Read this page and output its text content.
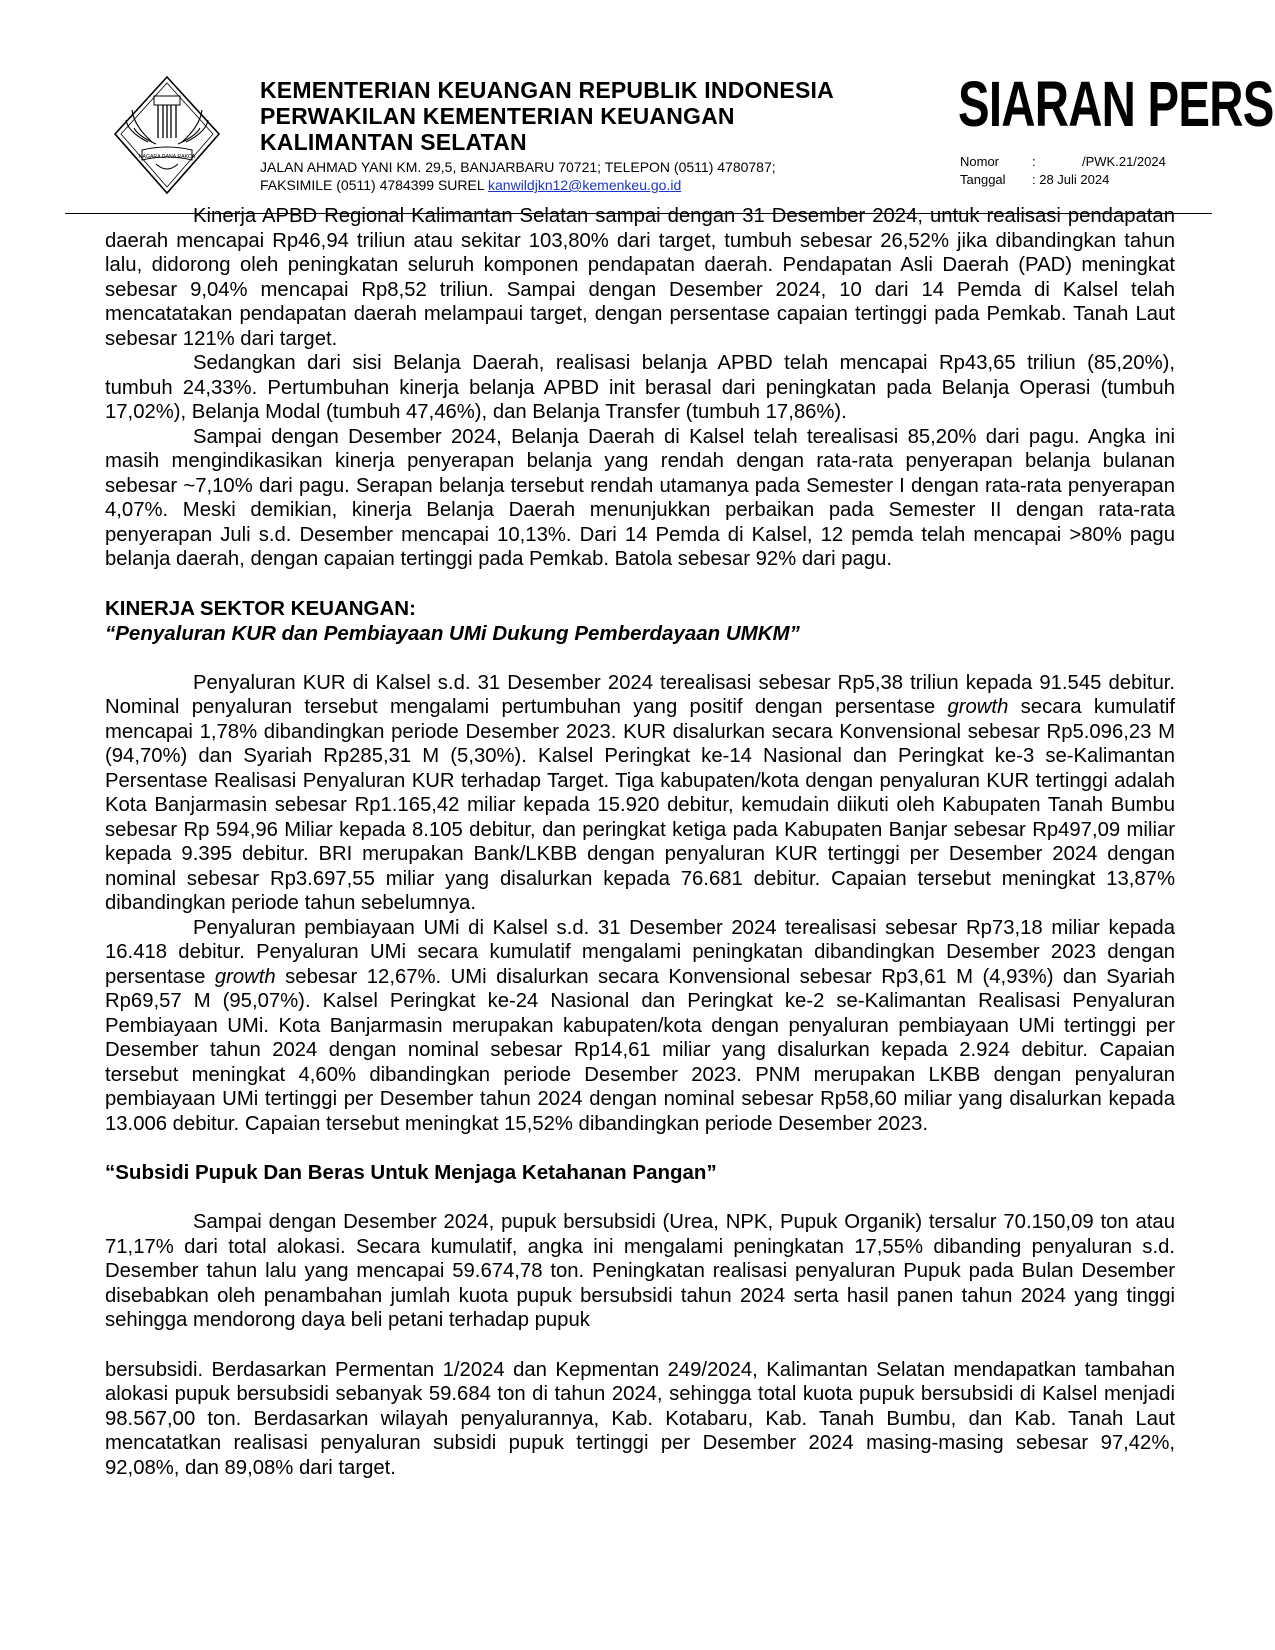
NAGARA DANA RAKCA
KEMENTERIAN KEUANGAN REPUBLIK INDONESIA
PERWAKILAN KEMENTERIAN KEUANGAN
KALIMANTAN SELATAN
JALAN AHMAD YANI KM. 29,5, BANJARBARU 70721; TELEPON (0511) 4780787;
FAKSIMILE (0511) 4784399 SUREL kanwildjkn12@kemenkeu.go.id
SIARAN PERS
Nomor	:	/PWK.21/2024
Tanggal	: 28 Juli 2024

Kinerja APBD Regional Kalimantan Selatan sampai dengan 31 Desember 2024, untuk realisasi pendapatan daerah mencapai Rp46,94 triliun atau sekitar 103,80% dari target, tumbuh sebesar 26,52% jika dibandingkan tahun lalu, didorong oleh peningkatan seluruh komponen pendapatan daerah. Pendapatan Asli Daerah (PAD) meningkat sebesar 9,04% mencapai Rp8,52 triliun. Sampai dengan Desember 2024, 10 dari 14 Pemda di Kalsel telah mencatatakan pendapatan daerah melampaui target, dengan persentase capaian tertinggi pada Pemkab. Tanah Laut sebesar 121% dari target.

Sedangkan dari sisi Belanja Daerah, realisasi belanja APBD telah mencapai Rp43,65 triliun (85,20%), tumbuh 24,33%. Pertumbuhan kinerja belanja APBD init berasal dari peningkatan pada Belanja Operasi (tumbuh 17,02%), Belanja Modal (tumbuh 47,46%), dan Belanja Transfer (tumbuh 17,86%).

Sampai dengan Desember 2024, Belanja Daerah di Kalsel telah terealisasi 85,20% dari pagu. Angka ini masih mengindikasikan kinerja penyerapan belanja yang rendah dengan rata-rata penyerapan belanja bulanan sebesar ~7,10% dari pagu. Serapan belanja tersebut rendah utamanya pada Semester I dengan rata-rata penyerapan 4,07%. Meski demikian, kinerja Belanja Daerah menunjukkan perbaikan pada Semester II dengan rata-rata penyerapan Juli s.d. Desember mencapai 10,13%. Dari 14 Pemda di Kalsel, 12 pemda telah mencapai >80% pagu belanja daerah, dengan capaian tertinggi pada Pemkab. Batola sebesar 92% dari pagu.

KINERJA SEKTOR KEUANGAN:
“Penyaluran KUR dan Pembiayaan UMi Dukung Pemberdayaan UMKM”

Penyaluran KUR di Kalsel s.d. 31 Desember 2024 terealisasi sebesar Rp5,38 triliun kepada 91.545 debitur. Nominal penyaluran tersebut mengalami pertumbuhan yang positif dengan persentase growth secara kumulatif mencapai 1,78% dibandingkan periode Desember 2023. KUR disalurkan secara Konvensional sebesar Rp5.096,23 M (94,70%) dan Syariah Rp285,31 M (5,30%). Kalsel Peringkat ke-14 Nasional dan Peringkat ke-3 se-Kalimantan Persentase Realisasi Penyaluran KUR terhadap Target. Tiga kabupaten/kota dengan penyaluran KUR tertinggi adalah Kota Banjarmasin sebesar Rp1.165,42 miliar kepada 15.920 debitur, kemudain diikuti oleh Kabupaten Tanah Bumbu sebesar Rp 594,96 Miliar kepada 8.105 debitur, dan peringkat ketiga pada Kabupaten Banjar sebesar Rp497,09 miliar kepada 9.395 debitur. BRI merupakan Bank/LKBB dengan penyaluran KUR tertinggi per Desember 2024 dengan nominal sebesar Rp3.697,55 miliar yang disalurkan kepada 76.681 debitur. Capaian tersebut meningkat 13,87% dibandingkan periode tahun sebelumnya.

Penyaluran pembiayaan UMi di Kalsel s.d. 31 Desember 2024 terealisasi sebesar Rp73,18 miliar kepada 16.418 debitur. Penyaluran UMi secara kumulatif mengalami peningkatan dibandingkan Desember 2023 dengan persentase growth sebesar 12,67%. UMi disalurkan secara Konvensional sebesar Rp3,61 M (4,93%) dan Syariah Rp69,57 M (95,07%). Kalsel Peringkat ke-24 Nasional dan Peringkat ke-2 se-Kalimantan Realisasi Penyaluran Pembiayaan UMi. Kota Banjarmasin merupakan kabupaten/kota dengan penyaluran pembiayaan UMi tertinggi per Desember tahun 2024 dengan nominal sebesar Rp14,61 miliar yang disalurkan kepada 2.924 debitur. Capaian tersebut meningkat 4,60% dibandingkan periode Desember 2023. PNM merupakan LKBB dengan penyaluran pembiayaan UMi tertinggi per Desember tahun 2024 dengan nominal sebesar Rp58,60 miliar yang disalurkan kepada 13.006 debitur. Capaian tersebut meningkat 15,52% dibandingkan periode Desember 2023.

“Subsidi Pupuk Dan Beras Untuk Menjaga Ketahanan Pangan”

Sampai dengan Desember 2024, pupuk bersubsidi (Urea, NPK, Pupuk Organik) tersalur 70.150,09 ton atau 71,17% dari total alokasi. Secara kumulatif, angka ini mengalami peningkatan 17,55% dibanding penyaluran s.d. Desember tahun lalu yang mencapai 59.674,78 ton. Peningkatan realisasi penyaluran Pupuk pada Bulan Desember disebabkan oleh penambahan jumlah kuota pupuk bersubsidi tahun 2024 serta hasil panen tahun 2024 yang tinggi sehingga mendorong daya beli petani terhadap pupuk

bersubsidi. Berdasarkan Permentan 1/2024 dan Kepmentan 249/2024, Kalimantan Selatan mendapatkan tambahan alokasi pupuk bersubsidi sebanyak 59.684 ton di tahun 2024, sehingga total kuota pupuk bersubsidi di Kalsel menjadi 98.567,00 ton. Berdasarkan wilayah penyalurannya, Kab. Kotabaru, Kab. Tanah Bumbu, dan Kab. Tanah Laut mencatatkan realisasi penyaluran subsidi pupuk tertinggi per Desember 2024 masing-masing sebesar 97,42%, 92,08%, dan 89,08% dari target.
